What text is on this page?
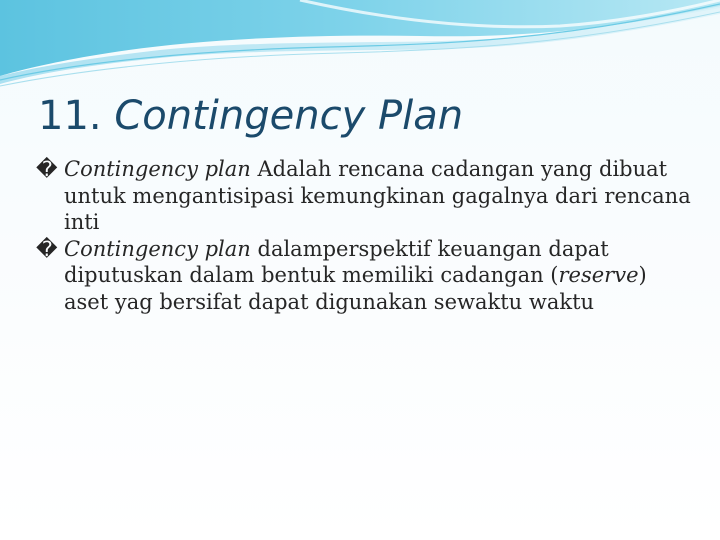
11. Contingency Plan
� Contingency plan Adalah rencana cadangan yang dibuat untuk mengantisipasi kemungkinan gagalnya dari rencana inti
� Contingency plan dalamperspektif keuangan dapat diputuskan dalam bentuk memiliki cadangan (reserve) aset yag bersifat dapat digunakan sewaktu waktu
